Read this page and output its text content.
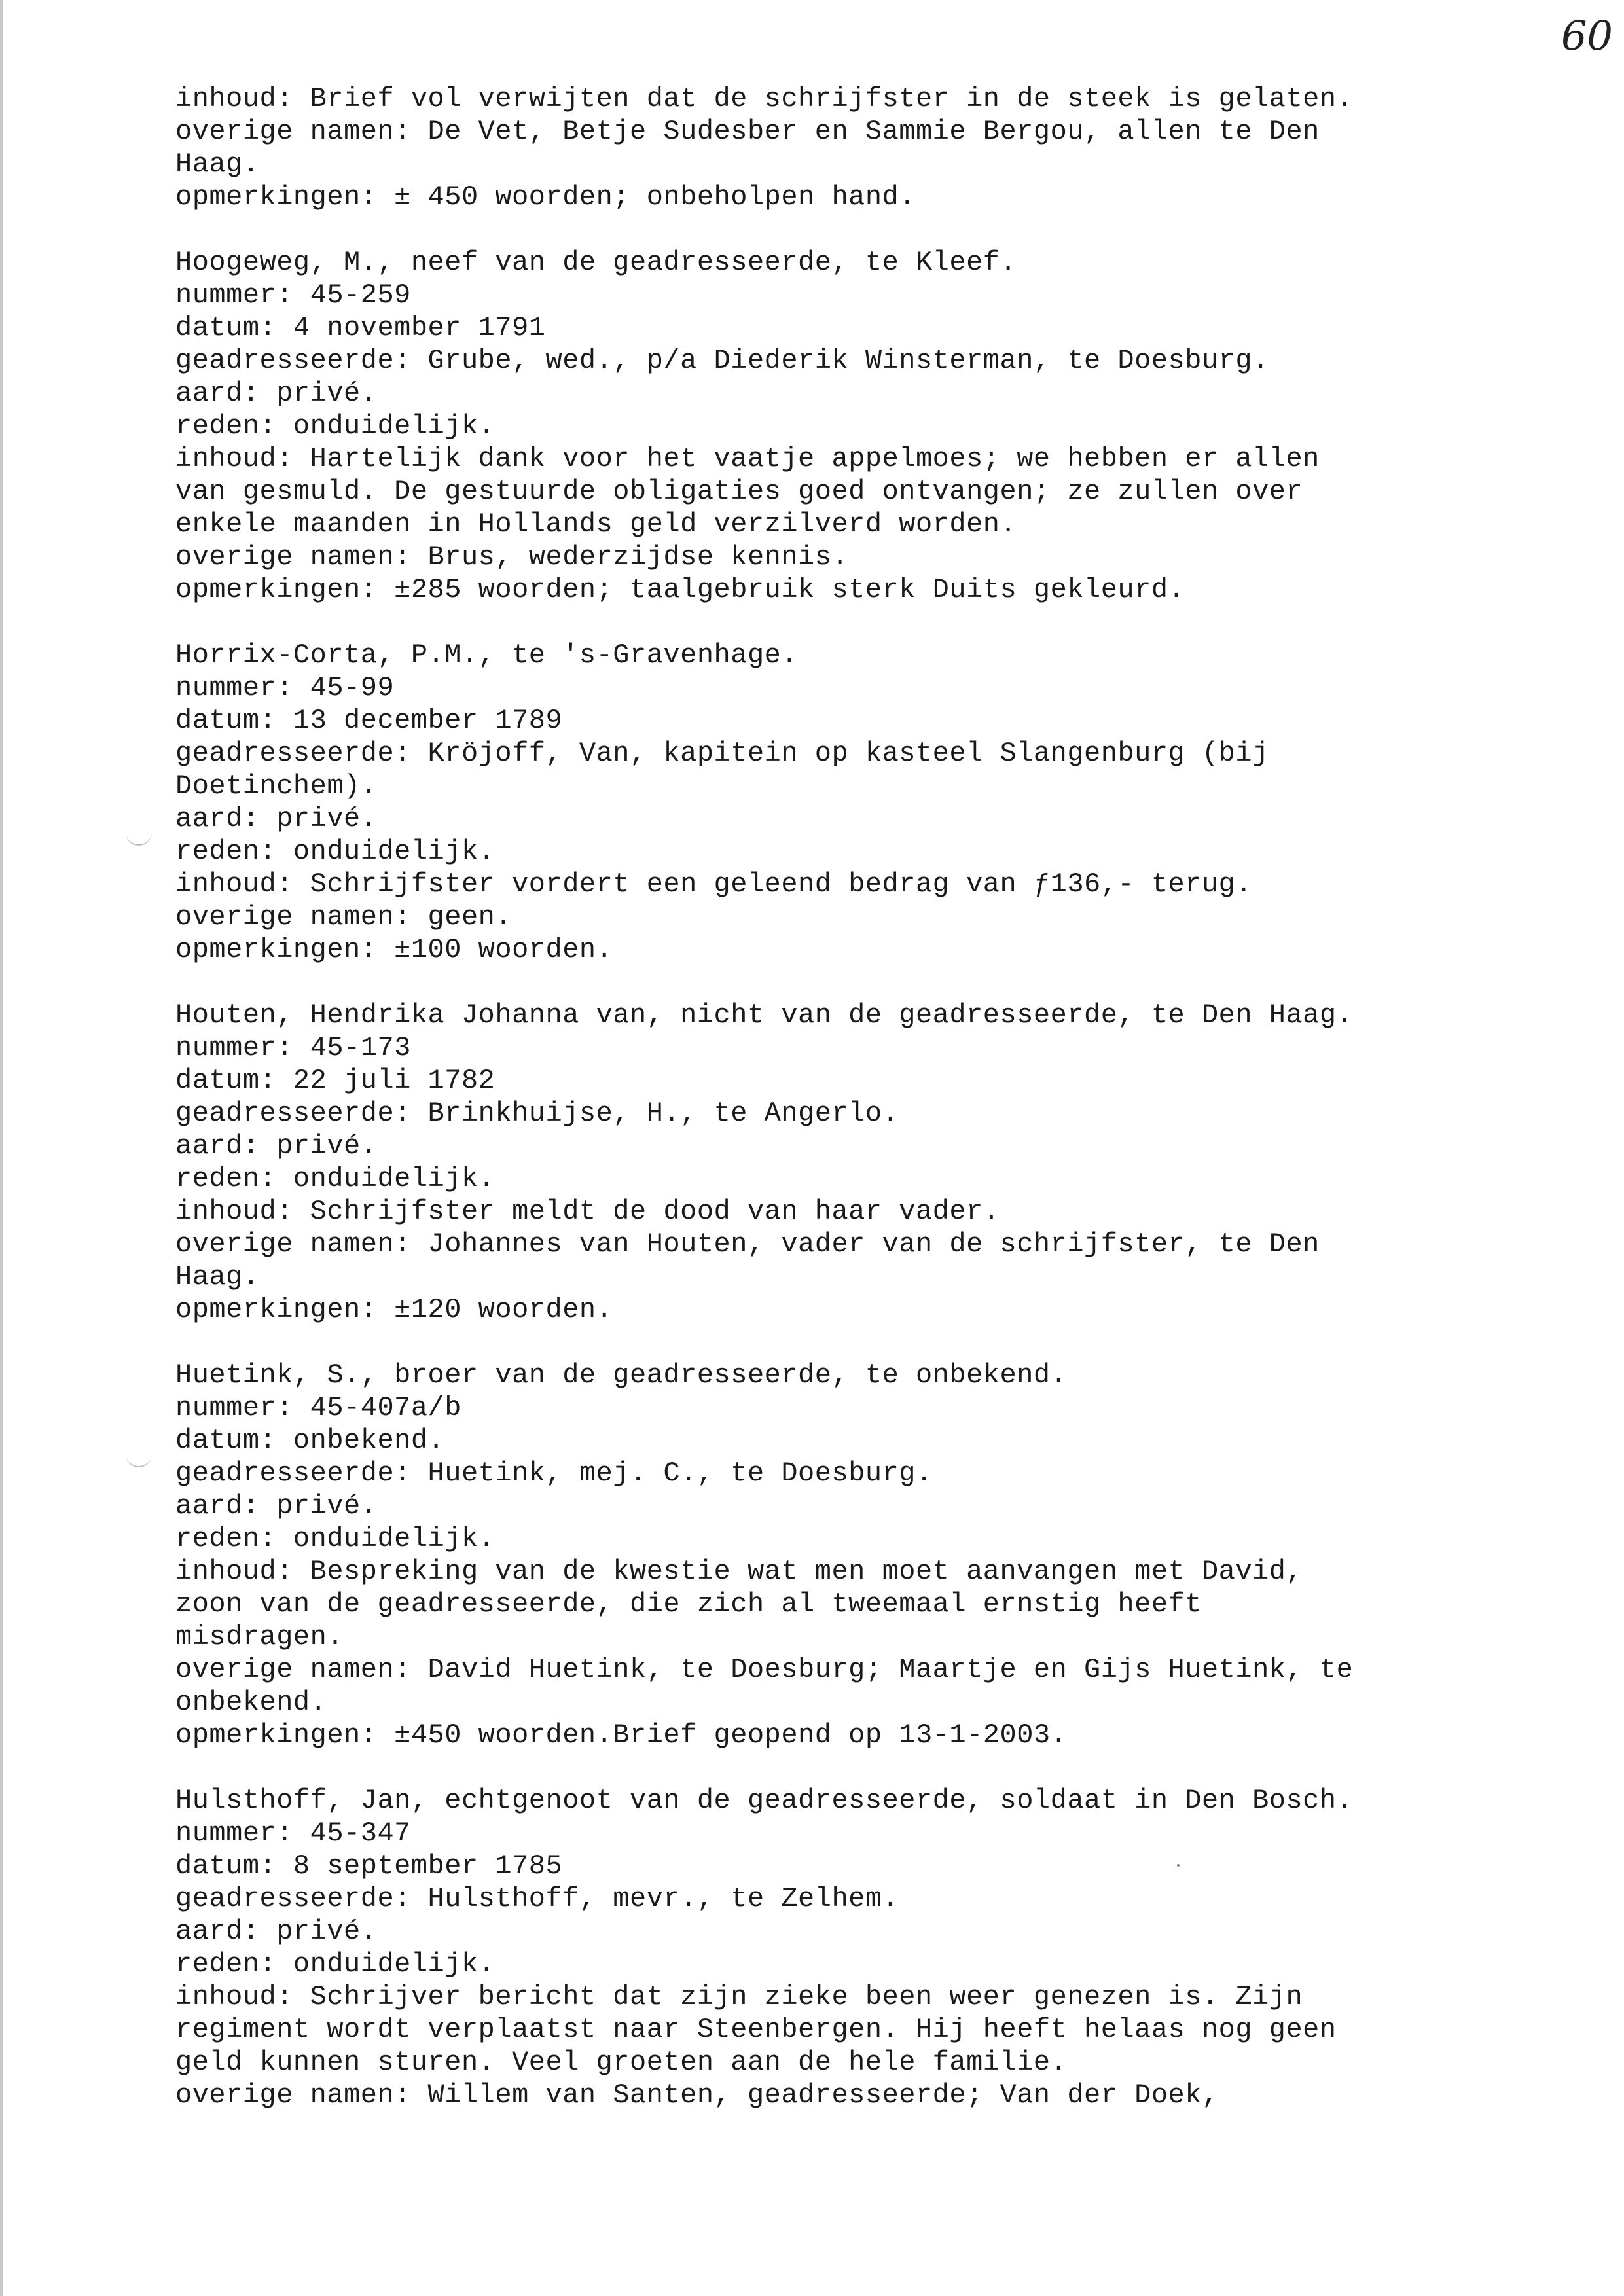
60
inhoud: Brief vol verwijten dat de schrijfster in de steek is gelaten.
overige namen: De Vet, Betje Sudesber en Sammie Bergou, allen te Den
Haag.
opmerkingen: ± 450 woorden; onbeholpen hand.
Hoogeweg, M., neef van de geadresseerde, te Kleef.
nummer: 45-259
datum: 4 november 1791
geadresseerde: Grube, wed., p/a Diederik Winsterman, te Doesburg.
aard: privé.
reden: onduidelijk.
inhoud: Hartelijk dank voor het vaatje appelmoes; we hebben er allen
van gesmuld. De gestuurde obligaties goed ontvangen; ze zullen over
enkele maanden in Hollands geld verzilverd worden.
overige namen: Brus, wederzijdse kennis.
opmerkingen: ±285 woorden; taalgebruik sterk Duits gekleurd.
Horrix-Corta, P.M., te 's-Gravenhage.
nummer: 45-99
datum: 13 december 1789
geadresseerde: Kröjoff, Van, kapitein op kasteel Slangenburg (bij
Doetinchem).
aard: privé.
reden: onduidelijk.
inhoud: Schrijfster vordert een geleend bedrag van ƒ136,- terug.
overige namen: geen.
opmerkingen: ±100 woorden.
Houten, Hendrika Johanna van, nicht van de geadresseerde, te Den Haag.
nummer: 45-173
datum: 22 juli 1782
geadresseerde: Brinkhuijse, H., te Angerlo.
aard: privé.
reden: onduidelijk.
inhoud: Schrijfster meldt de dood van haar vader.
overige namen: Johannes van Houten, vader van de schrijfster, te Den
Haag.
opmerkingen: ±120 woorden.
Huetink, S., broer van de geadresseerde, te onbekend.
nummer: 45-407a/b
datum: onbekend.
geadresseerde: Huetink, mej. C., te Doesburg.
aard: privé.
reden: onduidelijk.
inhoud: Bespreking van de kwestie wat men moet aanvangen met David,
zoon van de geadresseerde, die zich al tweemaal ernstig heeft
misdragen.
overige namen: David Huetink, te Doesburg; Maartje en Gijs Huetink, te
onbekend.
opmerkingen: ±450 woorden.Brief geopend op 13-1-2003.
Hulsthoff, Jan, echtgenoot van de geadresseerde, soldaat in Den Bosch.
nummer: 45-347
datum: 8 september 1785
geadresseerde: Hulsthoff, mevr., te Zelhem.
aard: privé.
reden: onduidelijk.
inhoud: Schrijver bericht dat zijn zieke been weer genezen is. Zijn
regiment wordt verplaatst naar Steenbergen. Hij heeft helaas nog geen
geld kunnen sturen. Veel groeten aan de hele familie.
overige namen: Willem van Santen, geadresseerde; Van der Doek,
